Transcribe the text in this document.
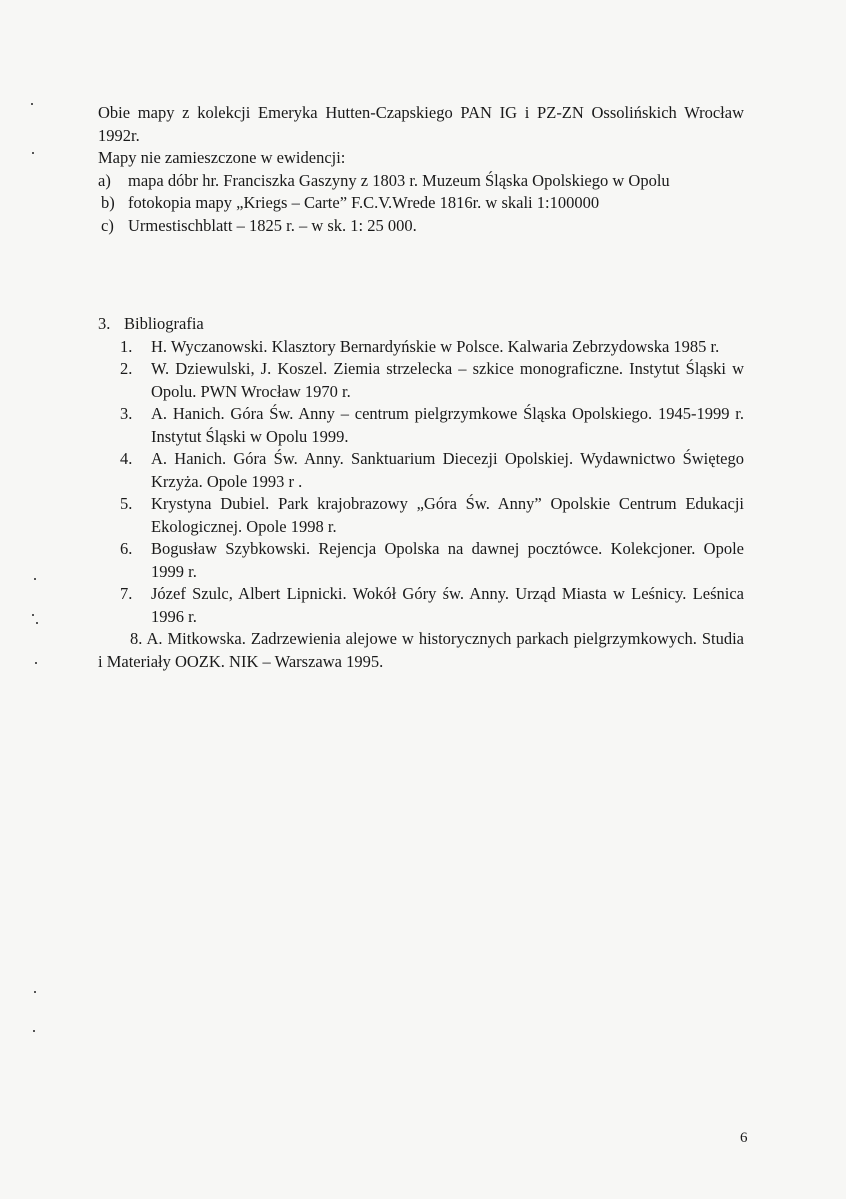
Obie mapy z kolekcji Emeryka Hutten-Czapskiego PAN IG i PZ-ZN Ossolińskich Wrocław 1992r.
Mapy nie zamieszczone w ewidencji:
a) mapa dóbr hr. Franciszka Gaszyny z 1803 r. Muzeum Śląska Opolskiego w Opolu
b) fotokopia mapy „Kriegs – Carte” F.C.V.Wrede 1816r. w skali 1:100000
c) Urmestischblatt – 1825 r. – w sk. 1: 25 000.
3. Bibliografia
1. H. Wyczanowski. Klasztory Bernardyńskie w Polsce. Kalwaria Zebrzydowska 1985 r.
2. W. Dziewulski, J. Koszel. Ziemia strzelecka – szkice monograficzne. Instytut Śląski w Opolu. PWN Wrocław 1970 r.
3. A. Hanich. Góra Św. Anny – centrum pielgrzymkowe Śląska Opolskiego. 1945-1999 r. Instytut Śląski w Opolu 1999.
4. A. Hanich. Góra Św. Anny. Sanktuarium Diecezji Opolskiej. Wydawnictwo Świętego Krzyża. Opole 1993 r .
5. Krystyna Dubiel. Park krajobrazowy „Góra Św. Anny” Opolskie Centrum Edukacji Ekologicznej. Opole 1998 r.
6. Bogusław Szybkowski. Rejencja Opolska na dawnej pocztówce. Kolekcjoner. Opole 1999 r.
7. Józef Szulc, Albert Lipnicki. Wokół Góry św. Anny. Urząd Miasta w Leśnicy. Leśnica 1996 r.
8. A. Mitkowska. Zadrzewienia alejowe w historycznych parkach pielgrzymkowych. Studia i Materiały OOZK. NIK – Warszawa 1995.
6
